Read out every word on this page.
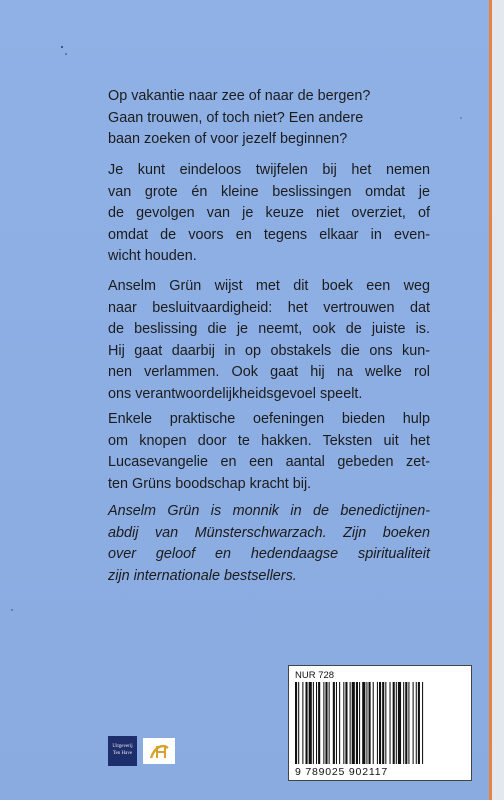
Op vakantie naar zee of naar de bergen?
Gaan trouwen, of toch niet? Een andere
baan zoeken of voor jezelf beginnen?
Je kunt eindeloos twijfelen bij het nemen
van grote én kleine beslissingen omdat je
de gevolgen van je keuze niet overziet, of
omdat de voors en tegens elkaar in even-
wicht houden.
Anselm Grün wijst met dit boek een weg
naar besluitvaardigheid: het vertrouwen dat
de beslissing die je neemt, ook de juiste is.
Hij gaat daarbij in op obstakels die ons kun-
nen verlammen. Ook gaat hij na welke rol
ons verantwoordelijkheidsgevoel speelt.
Enkele praktische oefeningen bieden hulp
om knopen door te hakken. Teksten uit het
Lucasevangelie en een aantal gebeden zet-
ten Grüns boodschap kracht bij.
Anselm Grün is monnik in de benedictijnen-
abdij van Münsterschwarzach. Zijn boeken
over geloof en hedendaagse spiritualiteit
zijn internationale bestsellers.
Uitgeverij
Ten Have
NUR 728
9 789025 902117
